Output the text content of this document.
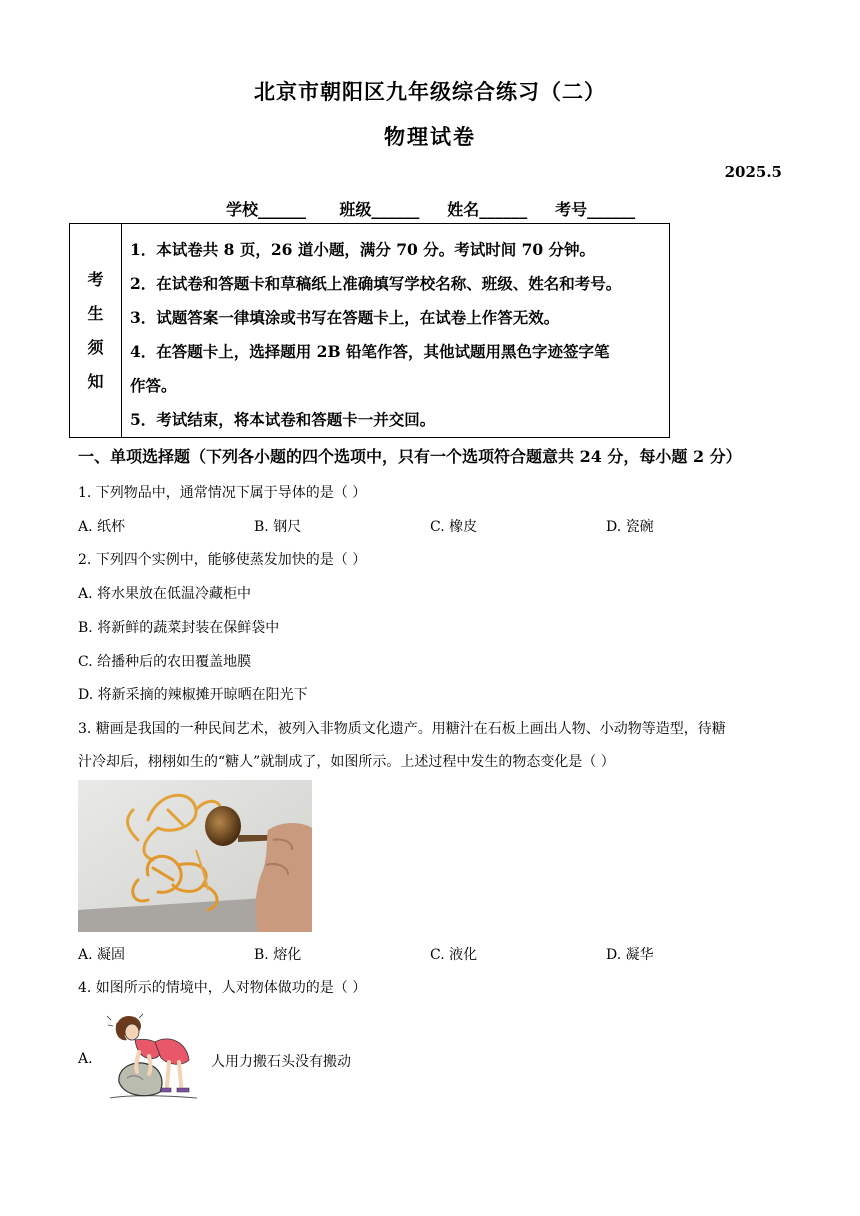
北京市朝阳区九年级综合练习（二）
物理试卷
2025.5
学校______      班级______     姓名______     考号______
考
生
须
知
1．本试卷共 8 页，26 道小题，满分 70 分。考试时间 70 分钟。
2．在试卷和答题卡和草稿纸上准确填写学校名称、班级、姓名和考号。
3．试题答案一律填涂或书写在答题卡上，在试卷上作答无效。
4．在答题卡上，选择题用 2B 铅笔作答，其他试题用黑色字迹签字笔
作答。
5．考试结束，将本试卷和答题卡一并交回。
一、单项选择题（下列各小题的四个选项中，只有一个选项符合题意共 24 分，每小题 2 分）
1. 下列物品中，通常情况下属于导体的是（ ）
A. 纸杯	B. 钢尺	C. 橡皮	D. 瓷碗
2. 下列四个实例中，能够使蒸发加快的是（ ）
A. 将水果放在低温冷藏柜中
B. 将新鲜的蔬菜封装在保鲜袋中
C. 给播种后的农田覆盖地膜
D. 将新采摘的辣椒摊开晾晒在阳光下
3. 糖画是我国的一种民间艺术，被列入非物质文化遗产。用糖汁在石板上画出人物、小动物等造型，待糖
汁冷却后，栩栩如生的“糖人”就制成了，如图所示。上述过程中发生的物态变化是（ ）
A. 凝固	B. 熔化	C. 液化	D. 凝华
4. 如图所示的情境中，人对物体做功的是（ ）
A.	人用力搬石头没有搬动
